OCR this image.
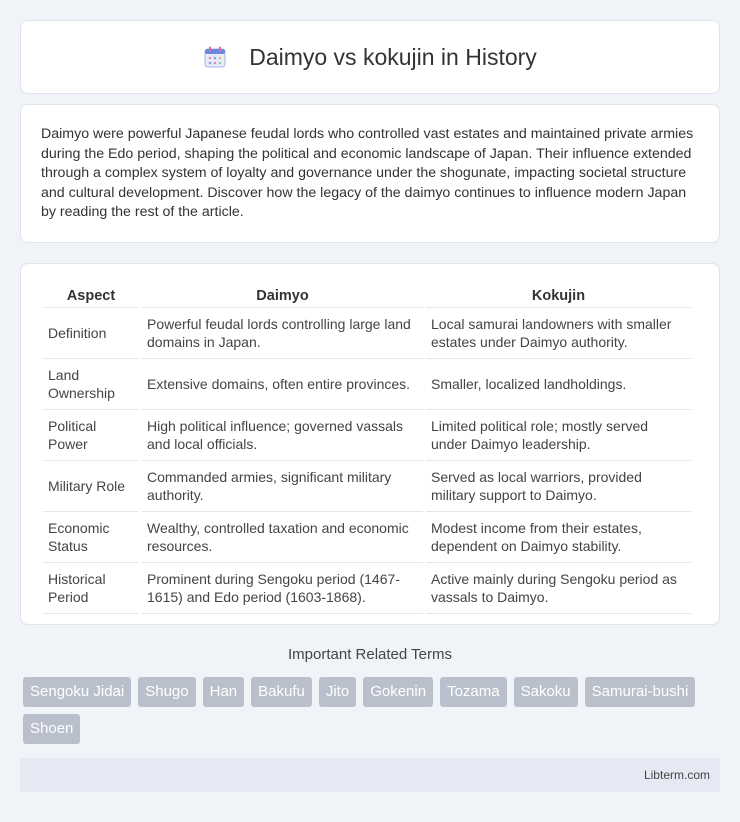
Daimyo vs kokujin in History

Daimyo were powerful Japanese feudal lords who controlled vast estates and maintained private armies during the Edo period, shaping the political and economic landscape of Japan. Their influence extended through a complex system of loyalty and governance under the shogunate, impacting societal structure and cultural development. Discover how the legacy of the daimyo continues to influence modern Japan by reading the rest of the article.

Aspect	Daimyo	Kokujin
Definition	Powerful feudal lords controlling large land domains in Japan.	Local samurai landowners with smaller estates under Daimyo authority.
Land Ownership	Extensive domains, often entire provinces.	Smaller, localized landholdings.
Political Power	High political influence; governed vassals and local officials.	Limited political role; mostly served under Daimyo leadership.
Military Role	Commanded armies, significant military authority.	Served as local warriors, provided military support to Daimyo.
Economic Status	Wealthy, controlled taxation and economic resources.	Modest income from their estates, dependent on Daimyo stability.
Historical Period	Prominent during Sengoku period (1467-1615) and Edo period (1603-1868).	Active mainly during Sengoku period as vassals to Daimyo.
Important Related Terms
Sengoku Jidai	Shugo	Han	Bakufu	Jito	Gokenin	Tozama	Sakoku	Samurai-bushi
Shoen
Libterm.com
